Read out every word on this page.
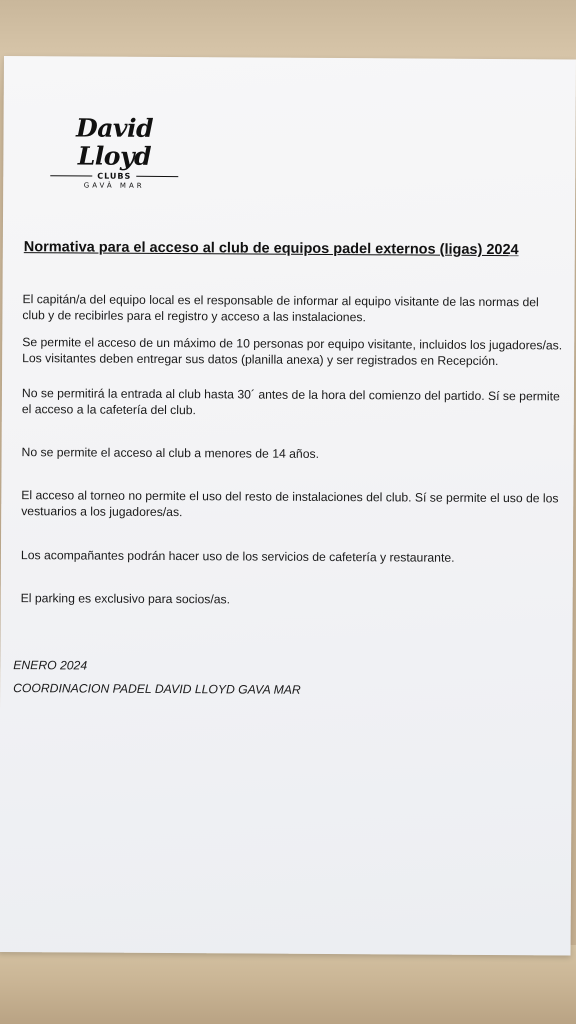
David Lloyd
CLUBS
GAVÀ MAR
Normativa para el acceso al club de equipos padel externos (ligas) 2024
El capitán/a del equipo local es el responsable de informar al equipo visitante de las normas del club y de recibirles para el registro y acceso a las instalaciones.
Se permite el acceso de un máximo de 10 personas por equipo visitante, incluidos los jugadores/as. Los visitantes deben entregar sus datos (planilla anexa) y ser registrados en Recepción.
No se permitirá la entrada al club hasta 30´ antes de la hora del comienzo del partido. Sí se permite el acceso a la cafetería del club.
No se permite el acceso al club a menores de 14 años.
El acceso al torneo no permite el uso del resto de instalaciones del club. Sí se permite el uso de los vestuarios a los jugadores/as.
Los acompañantes podrán hacer uso de los servicios de cafetería y restaurante.
El parking es exclusivo para socios/as.
ENERO 2024
COORDINACION PADEL DAVID LLOYD GAVA MAR
